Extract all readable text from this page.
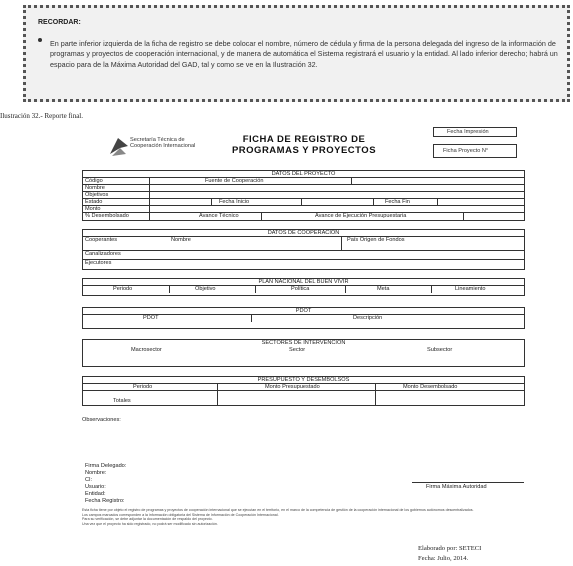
RECORDAR:
En parte inferior izquierda de la ficha de registro se debe colocar el nombre, número de cédula y firma de la persona delegada del ingreso de la información de programas y proyectos de cooperación internacional, y de manera de automática el Sistema registrará el usuario y la entidad. Al lado inferior derecho; habrá un espacio para de la Máxima Autoridad del GAD, tal y como se ve en la Ilustración 32.
Ilustración 32.- Reporte final.
Secretaría Técnica de Cooperación Internacional
FICHA DE REGISTRO DE
PROGRAMAS Y PROYECTOS
Fecha Impresión
Ficha Proyecto N°
DATOS DEL PROYECTO
Código	Fuente de Cooperación
Nombre
Objetivos
Estado	Fecha Inicio	Fecha Fin
Monto
% Desembolsado	Avance Técnico	Avance de Ejecución Presupuestaria
DATOS DE COOPERACIÓN
Cooperantes	Nombre	País Origen de Fondos
Canalizadores
Ejecutores
PLAN NACIONAL DEL BUEN VIVIR
Periodo	Objetivo	Política	Meta	Lineamiento
PDOT
PDOT	Descripción
SECTORES DE INTERVENCION
Macrosector	Sector	Subsector
PRESUPUESTO Y DESEMBOLSOS
Periodo	Monto Presupuestado	Monto Desembolsado
Totales
Observaciones:
Firma Delegado:
Nombre:
CI:
Usuario:
Entidad:
Fecha Registro:
Firma Máxima Autoridad
Esta ficha tiene por objeto el registro de programas y proyectos de cooperación internacional que se ejecutan en el territorio, en el marco de la competencia de gestión de la cooperación internacional de los gobiernos autónomos descentralizados.
Los campos marcados corresponden a la información obligatoria del Sistema de Información de Cooperación Internacional.
Para su verificación, se debe adjuntar la documentación de respaldo del proyecto.
Una vez que el proyecto ha sido registrado, no podrá ser modificado sin autorización.
Elaborado por: SETECI
Fecha: Julio, 2014.
